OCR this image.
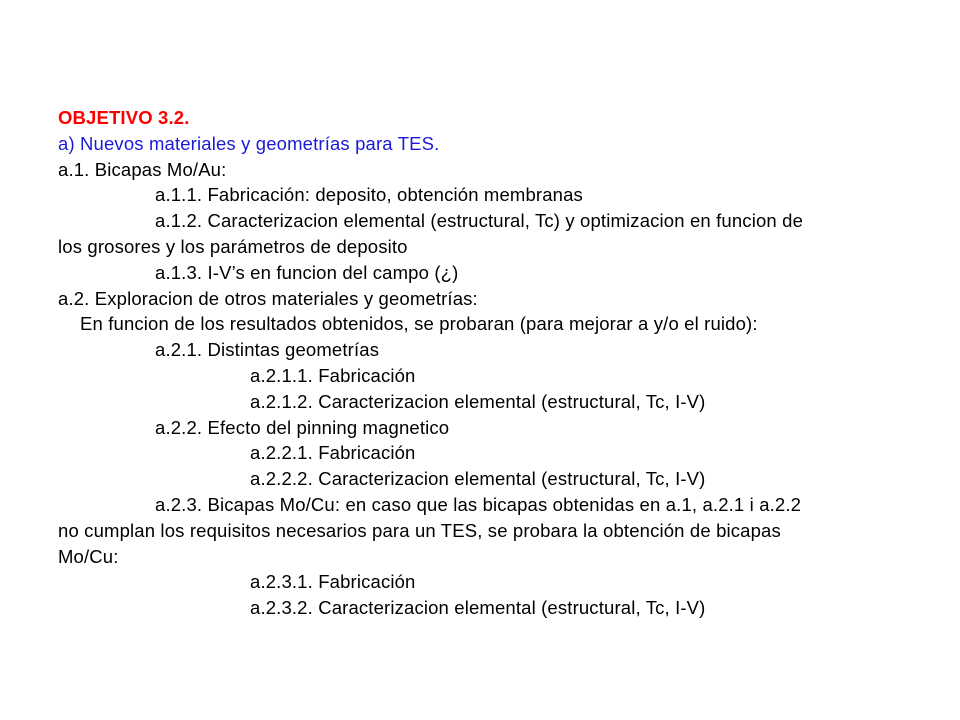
OBJETIVO 3.2.
a) Nuevos materiales y geometrías para TES.
a.1. Bicapas Mo/Au:
a.1.1. Fabricación: deposito, obtención membranas
a.1.2. Caracterizacion elemental (estructural, Tc) y optimizacion en funcion de
los grosores y los parámetros de deposito
a.1.3. I-V’s en funcion del campo (¿)
a.2. Exploracion de otros materiales y geometrías:
En funcion de los resultados obtenidos, se probaran (para mejorar a y/o el ruido):
a.2.1. Distintas geometrías
a.2.1.1. Fabricación
a.2.1.2. Caracterizacion elemental (estructural, Tc, I-V)
a.2.2. Efecto del pinning magnetico
a.2.2.1. Fabricación
a.2.2.2. Caracterizacion elemental (estructural, Tc, I-V)
a.2.3. Bicapas Mo/Cu: en caso que las bicapas obtenidas en a.1, a.2.1 i a.2.2
no cumplan los requisitos necesarios para un TES, se probara la obtención de bicapas
Mo/Cu:
a.2.3.1. Fabricación
a.2.3.2. Caracterizacion elemental (estructural, Tc, I-V)
